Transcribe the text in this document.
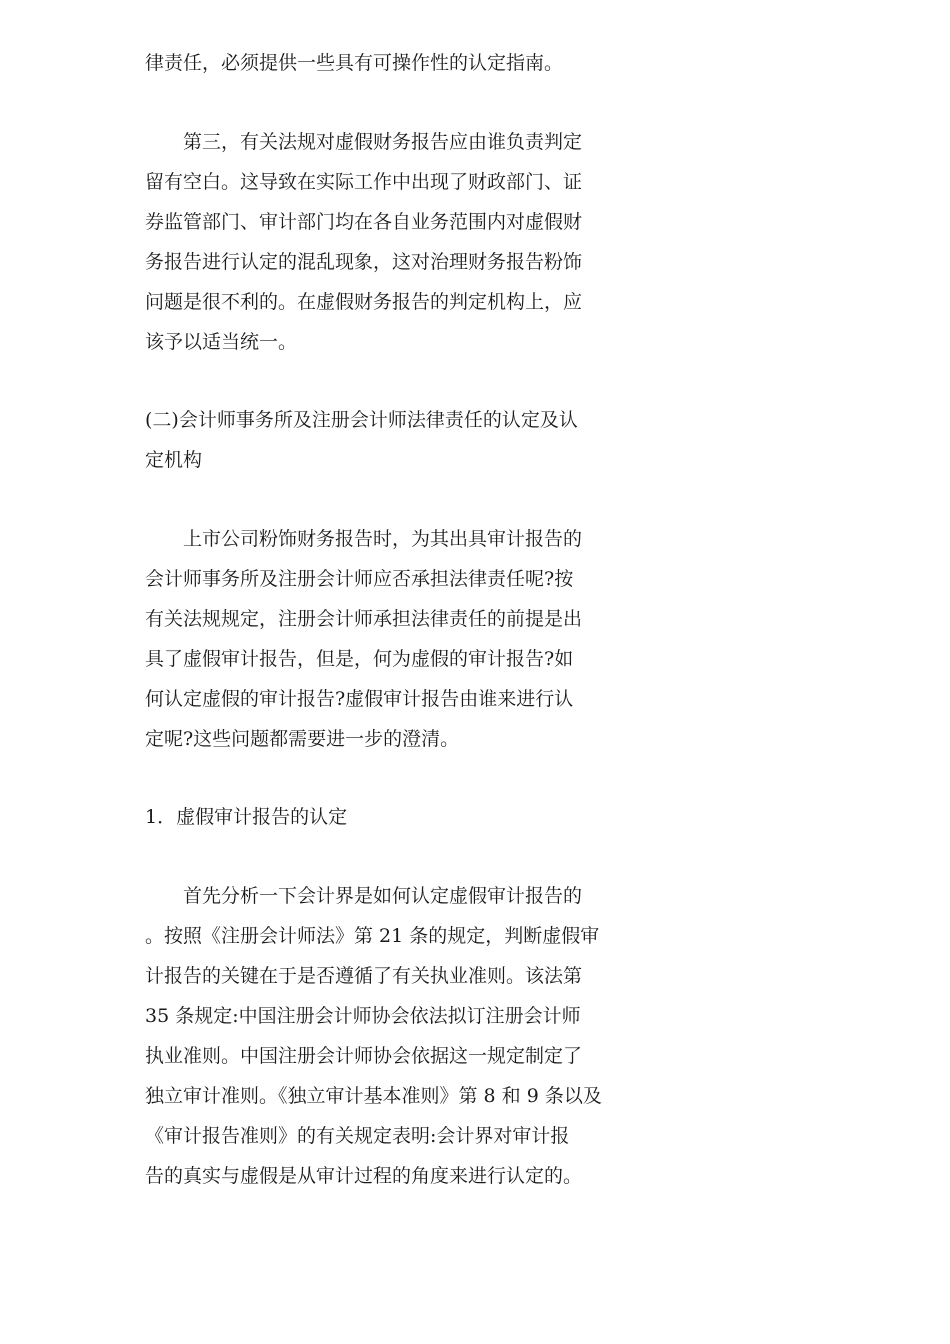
律责任，必须提供一些具有可操作性的认定指南。
　　第三，有关法规对虚假财务报告应由谁负责判定
留有空白。这导致在实际工作中出现了财政部门、证
券监管部门、审计部门均在各自业务范围内对虚假财
务报告进行认定的混乱现象，这对治理财务报告粉饰
问题是很不利的。在虚假财务报告的判定机构上，应
该予以适当统一。
(二)会计师事务所及注册会计师法律责任的认定及认
定机构
　　上市公司粉饰财务报告时，为其出具审计报告的
会计师事务所及注册会计师应否承担法律责任呢?按
有关法规规定，注册会计师承担法律责任的前提是出
具了虚假审计报告，但是，何为虚假的审计报告?如
何认定虚假的审计报告?虚假审计报告由谁来进行认
定呢?这些问题都需要进一步的澄清。
1．虚假审计报告的认定
　　首先分析一下会计界是如何认定虚假审计报告的
。按照《注册会计师法》第 21 条的规定，判断虚假审
计报告的关键在于是否遵循了有关执业准则。该法第
35 条规定:中国注册会计师协会依法拟订注册会计师
执业准则。中国注册会计师协会依据这一规定制定了
独立审计准则。《独立审计基本准则》第 8 和 9 条以及
《审计报告准则》的有关规定表明:会计界对审计报
告的真实与虚假是从审计过程的角度来进行认定的。
